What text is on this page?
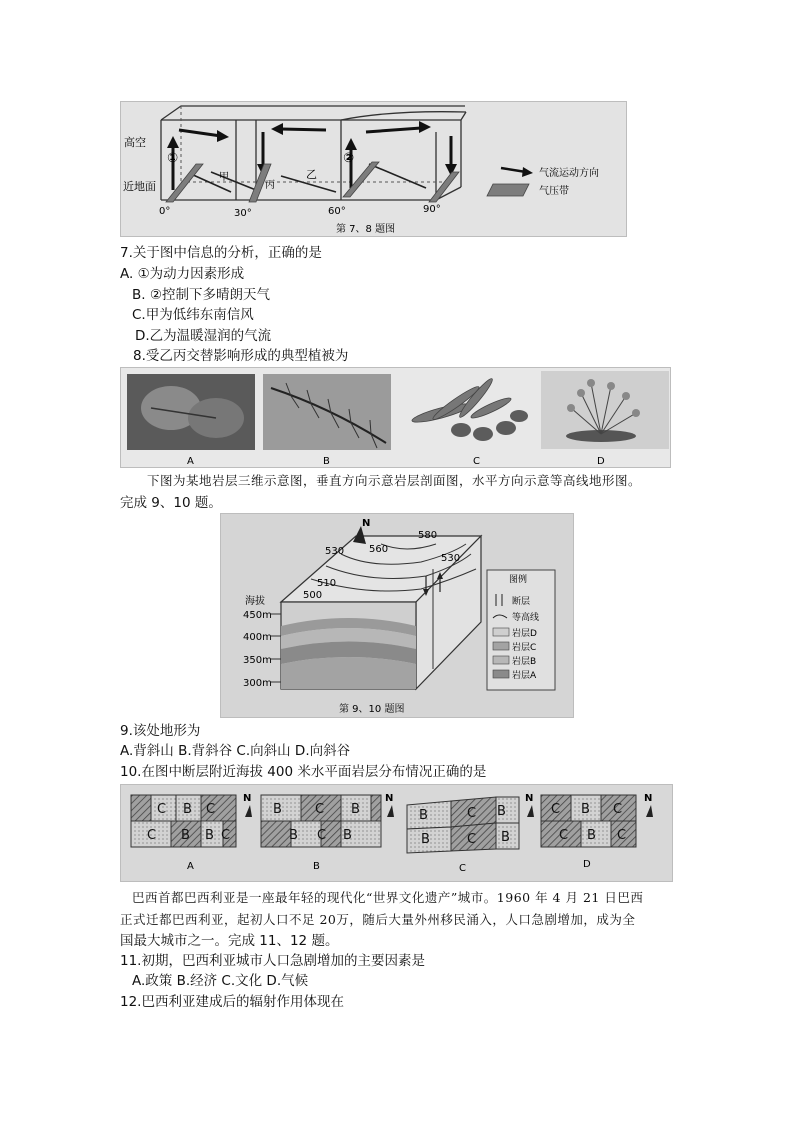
高空
近地面
①	②
甲
丙
乙
0°	30°	60°	90°
气流运动方向
气压带
第 7、8 题图
7.关于图中信息的分析，正确的是
A. ①为动力因素形成
B. ②控制下多晴朗天气
C.甲为低纬东南信风
D.乙为温暖湿润的气流
8.受乙丙交替影响形成的典型植被为
A	B	C	D
下图为某地岩层三维示意图，垂直方向示意岩层剖面图，水平方向示意等高线地形图。
完成 9、10 题。
N
580
530
530
560
510
500
海拔
450m
400m
350m
300m
图例
断层
等高线
岩层D
岩层C
岩层B
岩层A
第 9、10 题图
9.该处地形为
A.背斜山 B.背斜谷 C.向斜山 D.向斜谷
10.在图中断层附近海拔 400 米水平面岩层分布情况正确的是
C B C
C B B C
A
N
B	C B
B C B
B
N
B	C B
B	C B
C
N
C B C
C B C
D
N
巴西首都巴西利亚是一座最年轻的现代化“世界文化遗产”城市。1960 年 4 月 21 日巴西
正式迁都巴西利亚，起初人口不足 20万，随后大量外州移民涌入，人口急剧增加，成为全
国最大城市之一。完成 11、12 题。
11.初期，巴西利亚城市人口急剧增加的主要因素是
A.政策 B.经济 C.文化 D.气候
12.巴西利亚建成后的辐射作用体现在
